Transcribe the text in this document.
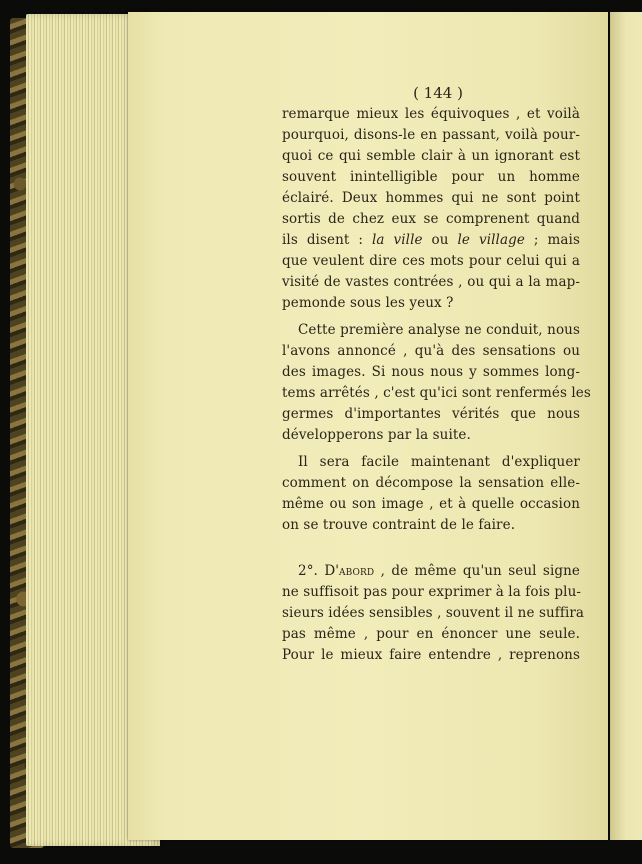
( 144 )
remarque mieux les équivoques , et voilà
pourquoi, disons-le en passant, voilà pour-
quoi ce qui semble clair à un ignorant est
souvent inintelligible pour un homme
éclairé. Deux hommes qui ne sont point
sortis de chez eux se comprenent quand
ils disent : la ville ou le village ; mais
que veulent dire ces mots pour celui qui a
visité de vastes contrées , ou qui a la map-
pemonde sous les yeux ?
Cette première analyse ne conduit, nous
l'avons annoncé , qu'à des sensations ou
des images. Si nous nous y sommes long-
tems arrêtés , c'est qu'ici sont renfermés les
germes d'importantes vérités que nous
développerons par la suite.
Il sera facile maintenant d'expliquer
comment on décompose la sensation elle-
même ou son image , et à quelle occasion
on se trouve contraint de le faire.
2°. D'abord , de même qu'un seul signe
ne suffisoit pas pour exprimer à la fois plu-
sieurs idées sensibles , souvent il ne suffira
pas même , pour en énoncer une seule.
Pour le mieux faire entendre , reprenons
